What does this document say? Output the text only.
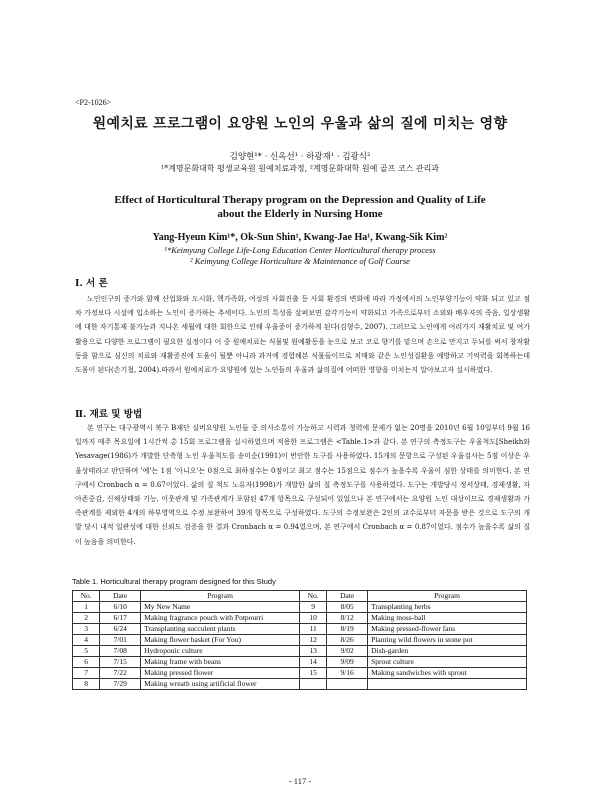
<P2-1026>
원예치료 프로그램이 요양원 노인의 우울과 삶의 질에 미치는 영향
김양현¹* · 신옥선¹ · 하광재¹ · 김광식²
¹*계명문화대학 평생교육원 원예치료과정, ²계명문화대학 원예 골프 코스 관리과
Effect of Horticultural Therapy program on the Depression and Quality of Life
about the Elderly in Nursing Home
Yang-Hyeun Kim¹*, Ok-Sun Shin¹, Kwang-Jae Ha¹, Kwang-Sik Kim²
¹*Keimyung College Life-Long Education Center Horticultural therapy process
² Keimyung College Horticulture & Maintenance of Golf Course
Ⅰ. 서 론
노인인구의 증가와 함께 산업화와 도시화, 핵가족화, 여성의 사회진출 등 사회 환경의 변화에 따라 가정에서의 노인부양기능이 약화 되고 있고 점차 가정보다 시설에 입소하는 노인이 증가하는 추세이다. 노인의 특성을 살펴보면 감각기능이 약화되고 가족으로부터 소외와 배우자의 죽음, 일상생활에 대한 자기통제 불가능과 지나온 세월에 대한 회한으로 인해 우울증이 증가하게 된다(김형수, 2007). 그러므로 노인에게 여러가지 재활치료 및 여가활용으로 다양한 프로그램이 필요한 실정이다 이 중 원예치료는 식물및 원예활동을 눈으로 보고 코로 향기를 맡으며 손으로 만지고 두뇌를 써서 창작활동을 함으로 심신의 치료와 재활증진에 도움이 될뿐 아니라 과거에 경험해본 식물들이므로 치매와 같은 노인성질환을 예방하고 기억력을 회복하는데 도움이 된다(손기철, 2004).따라서 원예치료가 요양원에 있는 노인들의 우울과 삶의질에 어떠한 영향을 미치는지 알아보고자 실시하였다.
Ⅱ. 재료 및 방법
본 연구는 대구광역시 북구 B재단 실버요양원 노인들 중 의사소통이 가능하고 시력과 청력에 문제가 없는 20명을 2010년 6월 10일부터 9월 16일까지 매주 목요일에 1시간씩 총 15회 프로그램을 실시하였으며 적용한 프로그램은 <Table.1>과 같다. 본 연구의 측정도구는 우울척도[Sheikh와 Yesavage(1986)가 개발한 단축형 노인 우울척도를 송미순(1991)이 번안한 도구를 사용하였다. 15개의 문항으로 구성된 우울검사는 5점 이상은 우울상태라고 판단하며 '예'는 1점 '아니오'는 0점으로 최하점수는 0점이고 최고 점수는 15점으로 점수가 높을수록 우울이 심한 상태를 의미한다. 본 연구에서 Cronbach α = 0.67이었다. 삶의 질 척도 노유자(1998)가 개발한 삶의 질 측정도구를 사용하였다. 도구는 개발당시 정서상태, 경제생활, 자아존중감, 신체상태와 기능, 이웃관계 및 가족관계가 포함된 47개 항목으로 구성되어 있었으나 본 연구에서는 요양원 노인 대상이므로 경제생활과 가족관계를 제외한 4개의 하부영역으로 수정 보완하여 39개 항목으로 구성하였다. 도구의 수정보완은 2인의 교수로부터 자문을 받은 것으로 도구의 개발 당시 내적 일관성에 대한 신뢰도 검증을 한 결과 Cronbach α = 0.94였으며, 본 연구에서 Cronbach α = 0.87이었다. 점수가 높을수록 삶의 질이 높음을 의미한다.
Table 1. Horticultural therapy program designed for this Study
No.	Date	Program	No.	Date	Program
1	6/10	My New Name	9	8/05	Transplanting herbs
2	6/17	Making fragrance pouch with Potpourri	10	8/12	Making moss-ball
3	6/24	Transplanting succulent plants	11	8/19	Making pressed-flower fans
4	7/01	Making flower basket (For You)	12	8/26	Planting wild flowers in stone pot
5	7/08	Hydroponic culture	13	9/02	Dish-garden
6	7/15	Making frame with beans	14	9/09	Sprout culture
7	7/22	Making pressed flower	15	9/16	Making sandwiches with sprout
8	7/29	Making wreath using artificial flower			
- 117 -
